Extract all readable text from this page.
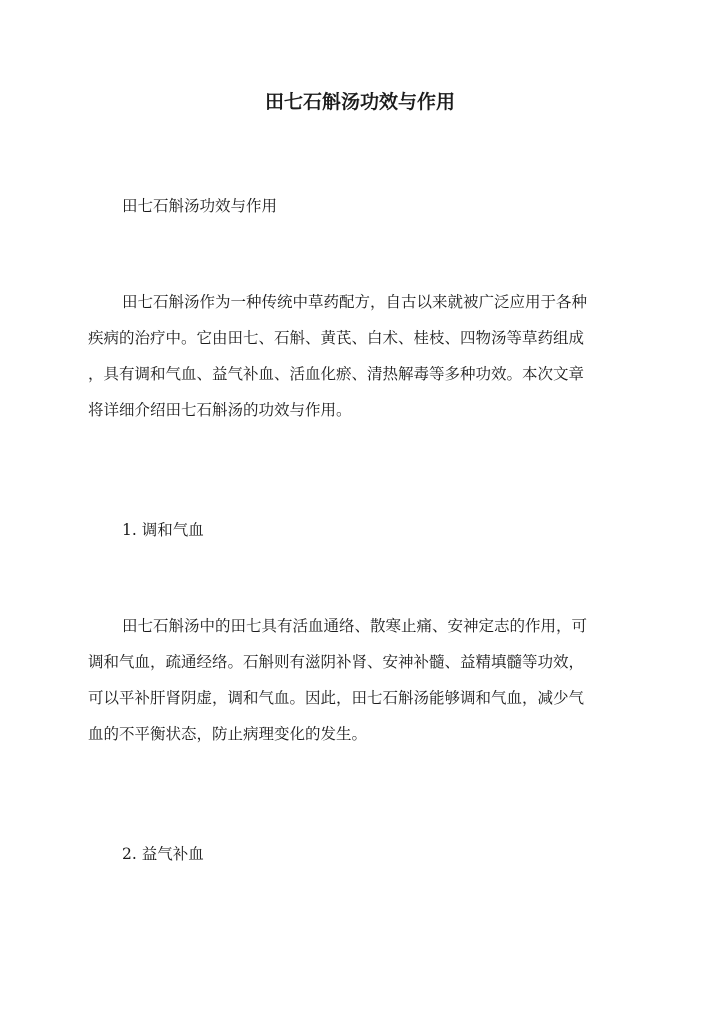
田七石斛汤功效与作用
田七石斛汤功效与作用
田七石斛汤作为一种传统中草药配方，自古以来就被广泛应用于各种
疾病的治疗中。它由田七、石斛、黄芪、白术、桂枝、四物汤等草药组成
，具有调和气血、益气补血、活血化瘀、清热解毒等多种功效。本次文章
将详细介绍田七石斛汤的功效与作用。
1. 调和气血
田七石斛汤中的田七具有活血通络、散寒止痛、安神定志的作用，可
调和气血，疏通经络。石斛则有滋阴补肾、安神补髓、益精填髓等功效，
可以平补肝肾阴虚，调和气血。因此，田七石斛汤能够调和气血，减少气
血的不平衡状态，防止病理变化的发生。
2. 益气补血
